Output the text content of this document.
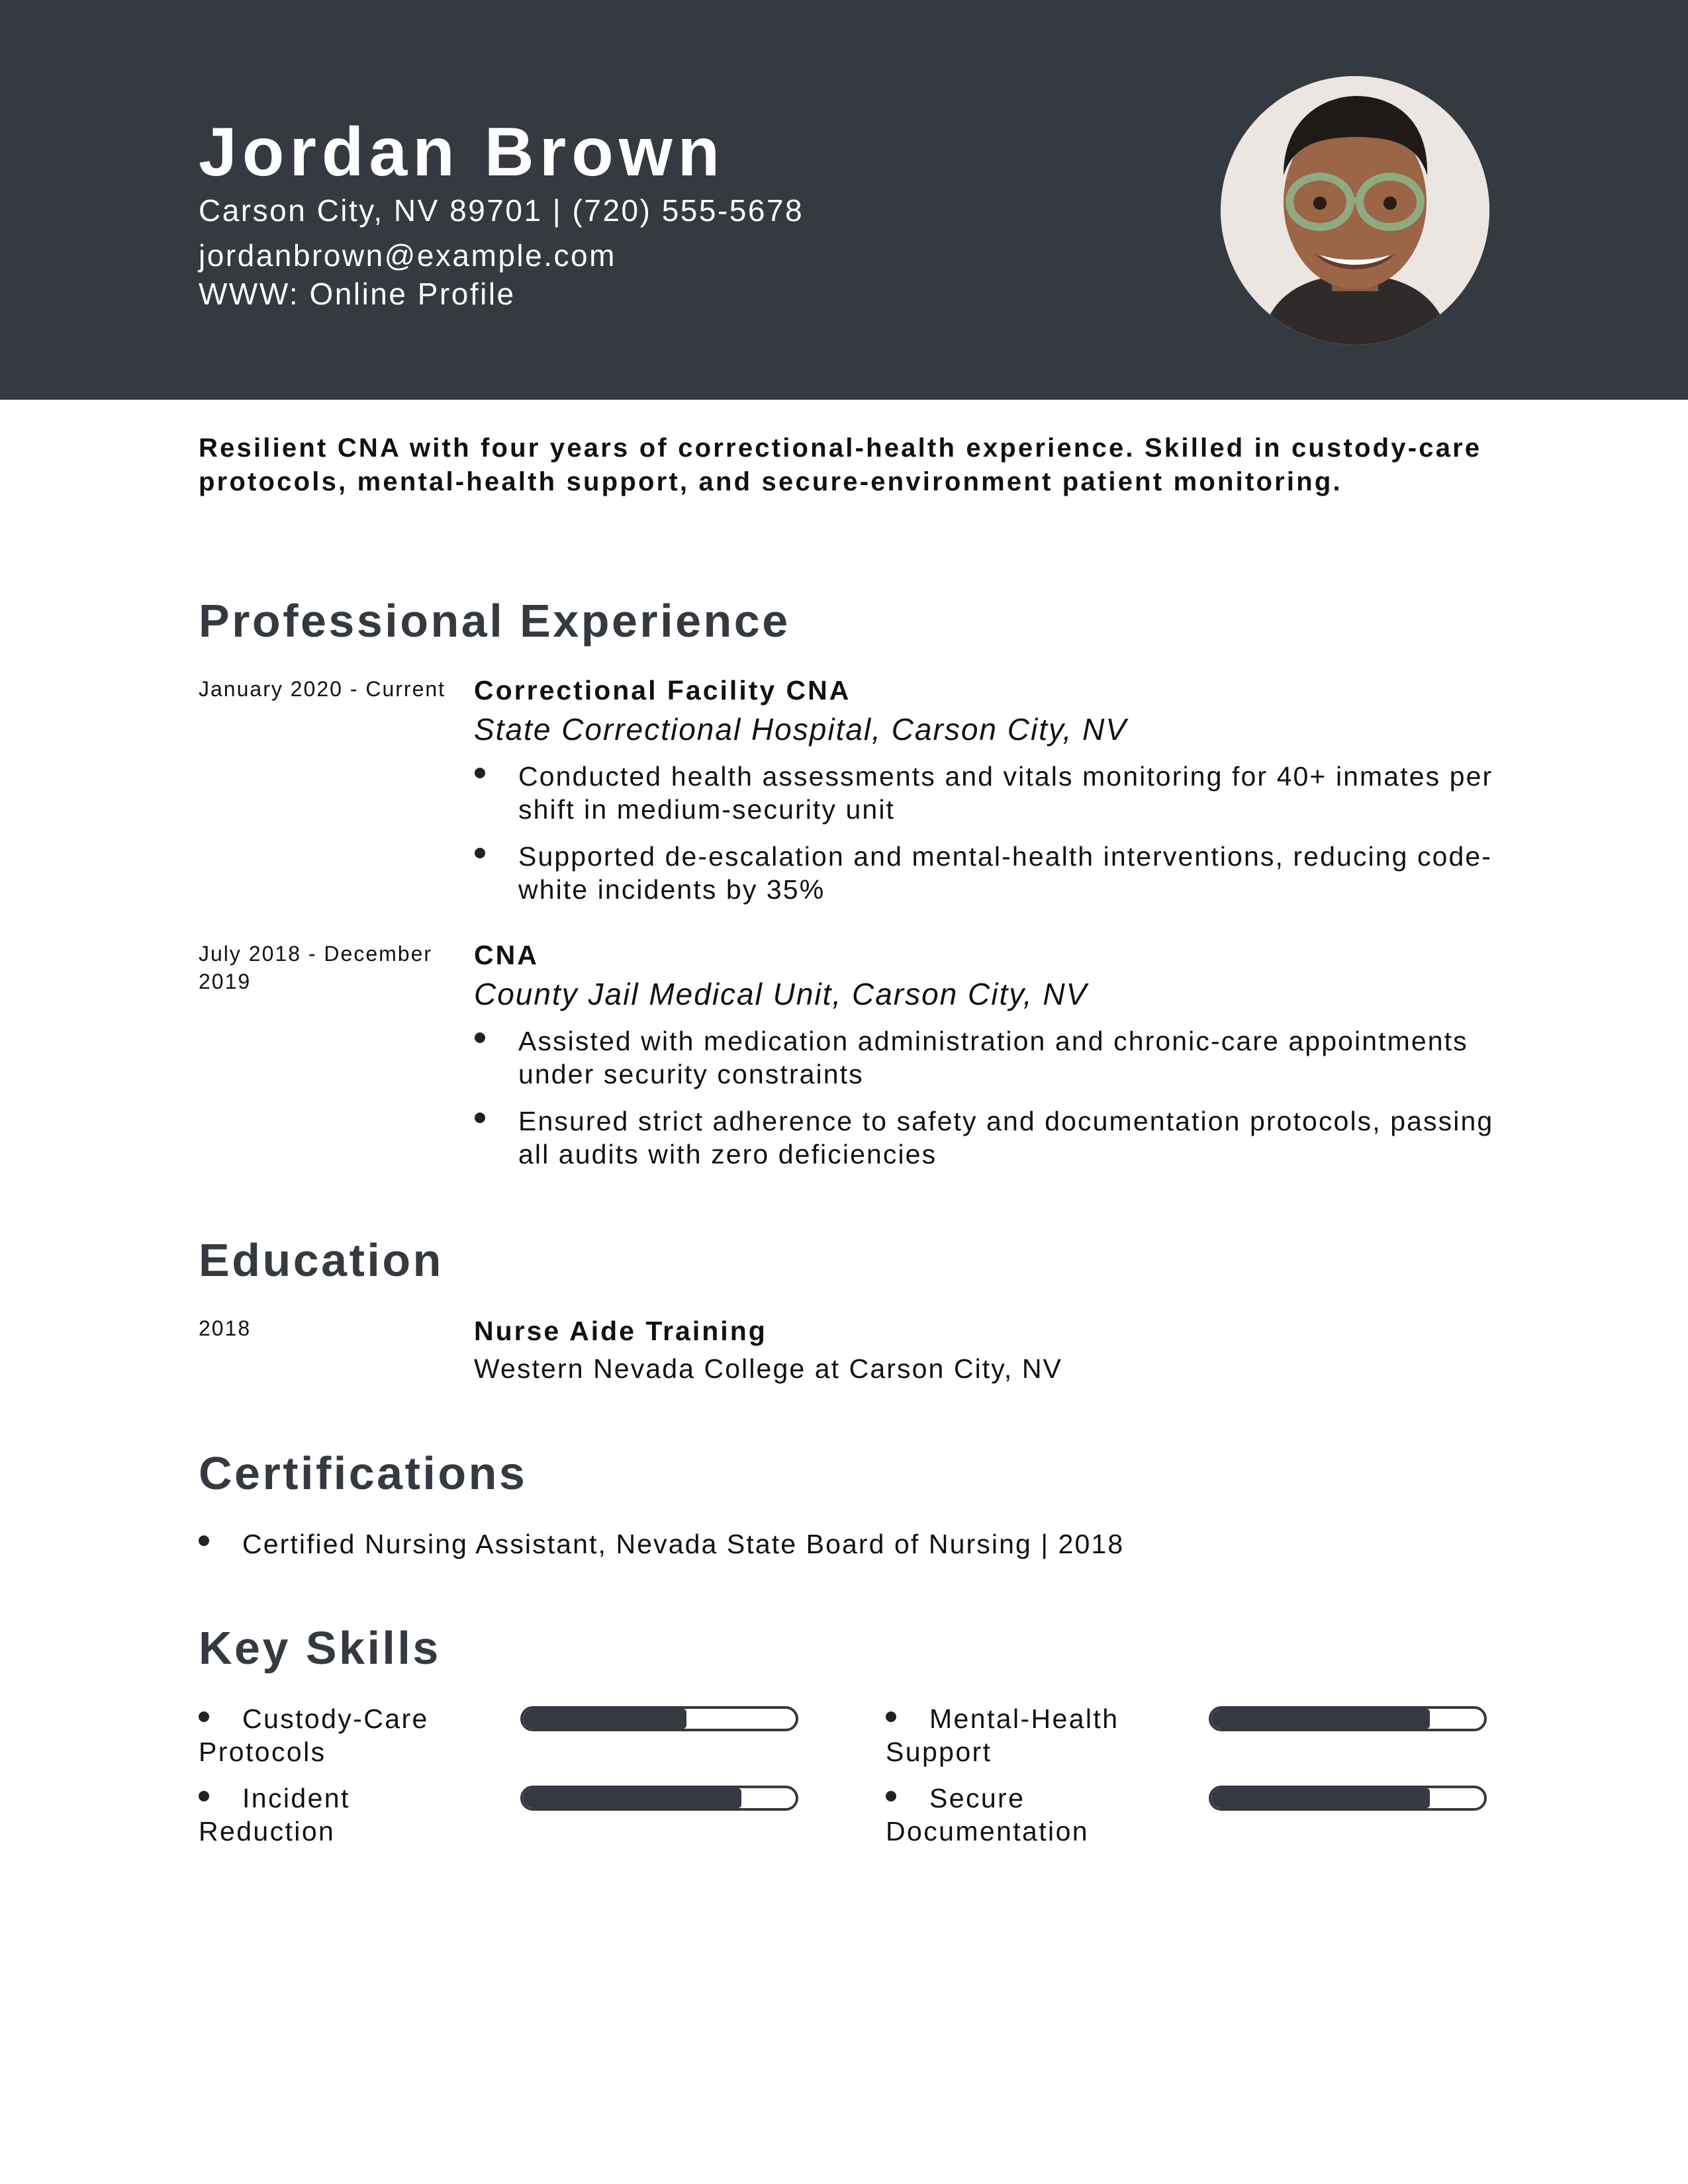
Jordan Brown
Carson City, NV 89701 | (720) 555-5678
jordanbrown@example.com
WWW: Online Profile
Resilient CNA with four years of correctional-health experience. Skilled in custody-care protocols, mental-health support, and secure-environment patient monitoring.
Professional Experience
January 2020 - Current Correctional Facility CNA
State Correctional Hospital, Carson City, NV
Conducted health assessments and vitals monitoring for 40+ inmates per shift in medium-security unit
Supported de-escalation and mental-health interventions, reducing code-white incidents by 35%
July 2018 - December 2019
CNA
County Jail Medical Unit, Carson City, NV
Assisted with medication administration and chronic-care appointments under security constraints
Ensured strict adherence to safety and documentation protocols, passing all audits with zero deficiencies
Education
2018	Nurse Aide Training
Western Nevada College at Carson City, NV
Certifications
Certified Nursing Assistant, Nevada State Board of Nursing | 2018
Key Skills
Custody-Care Protocols
Mental-Health Support
Incident Reduction
Secure Documentation
